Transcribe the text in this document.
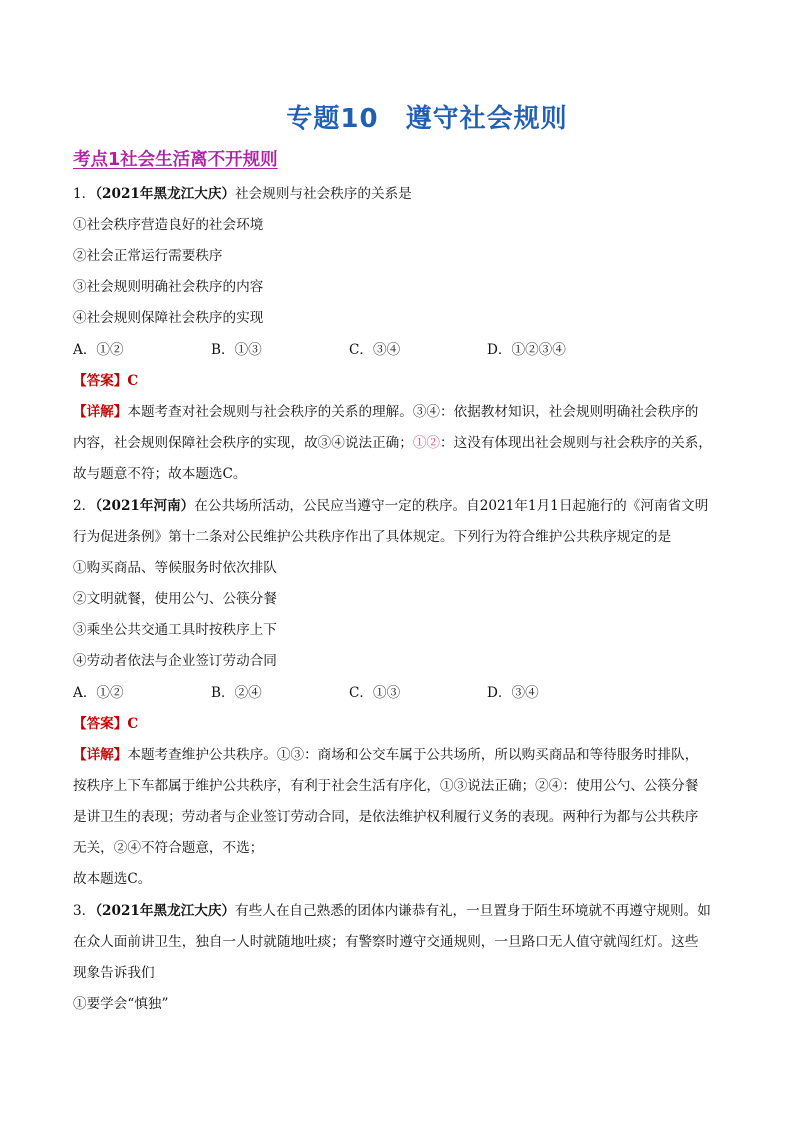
专题10　遵守社会规则
考点1社会生活离不开规则
1．（2021年黑龙江大庆）社会规则与社会秩序的关系是
①社会秩序营造良好的社会环境
②社会正常运行需要秩序
③社会规则明确社会秩序的内容
④社会规则保障社会秩序的实现
A．①②	B．①③	C．③④	D．①②③④
【答案】C
【详解】本题考查对社会规则与社会秩序的关系的理解。③④：依据教材知识，社会规则明确社会秩序的
内容，社会规则保障社会秩序的实现，故③④说法正确；①②：这没有体现出社会规则与社会秩序的关系，
故与题意不符；故本题选C。
2．（2021年河南）在公共场所活动，公民应当遵守一定的秩序。自2021年1月1日起施行的《河南省文明
行为促进条例》第十二条对公民维护公共秩序作出了具体规定。下列行为符合维护公共秩序规定的是
①购买商品、等候服务时依次排队
②文明就餐，使用公勺、公筷分餐
③乘坐公共交通工具时按秩序上下
④劳动者依法与企业签订劳动合同
A．①②	B．②④	C．①③	D．③④
【答案】C
【详解】本题考查维护公共秩序。①③：商场和公交车属于公共场所，所以购买商品和等待服务时排队，
按秩序上下车都属于维护公共秩序，有利于社会生活有序化，①③说法正确；②④：使用公勺、公筷分餐
是讲卫生的表现；劳动者与企业签订劳动合同，是依法维护权利履行义务的表现。两种行为都与公共秩序
无关，②④不符合题意，不选；
故本题选C。
3．（2021年黑龙江大庆）有些人在自己熟悉的团体内谦恭有礼，一旦置身于陌生环境就不再遵守规则。如
在众人面前讲卫生，独自一人时就随地吐痰；有警察时遵守交通规则，一旦路口无人值守就闯红灯。这些
现象告诉我们
①要学会“慎独”
